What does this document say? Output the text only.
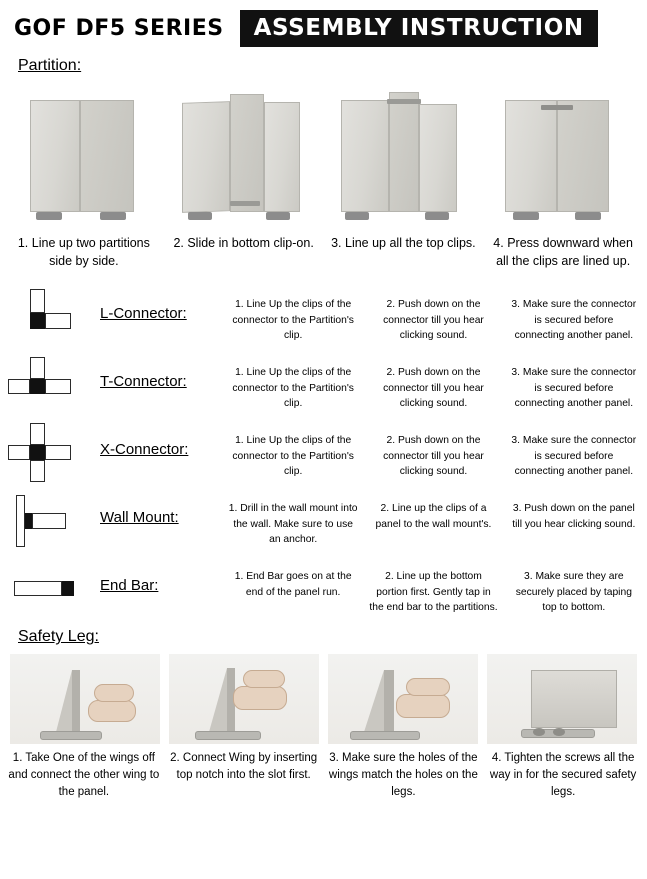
GOF DF5 SERIES	ASSEMBLY INSTRUCTION
Partition:
1. Line up two partitions side by side.
2. Slide in bottom clip-on.	3. Line up all the top clips.	4. Press downward when all the clips are lined up.
L-Connector:
1. Line Up the clips of the connector to the Partition's clip.
2. Push down on the connector till you hear clicking sound.
3. Make sure the connector is secured before connecting another panel.
T-Connector:
1. Line Up the clips of the connector to the Partition's clip.
2. Push down on the connector till you hear clicking sound.
3. Make sure the connector is secured before connecting another panel.
X-Connector:
1. Line Up the clips of the connector to the Partition's clip.
2. Push down on the connector till you hear clicking sound.
3. Make sure the connector is secured before connecting another panel.
Wall Mount:
1. Drill in the wall mount into the wall. Make sure to use an anchor.
2. Line up the clips of a panel to the wall mount's.
3. Push down on the panel till you hear clicking sound.
End Bar:
1. End Bar goes on at the end of the panel run.
2. Line up the bottom portion first. Gently tap in the end bar to the partitions.
3. Make sure they are securely placed by taping top to bottom.
Safety Leg:
1. Take One of the wings off and connect the other wing to the panel.
2. Connect Wing by inserting top notch into the slot first.
3. Make sure the holes of the wings match the holes on the legs.
4. Tighten the screws all the way in for the secured safety legs.
